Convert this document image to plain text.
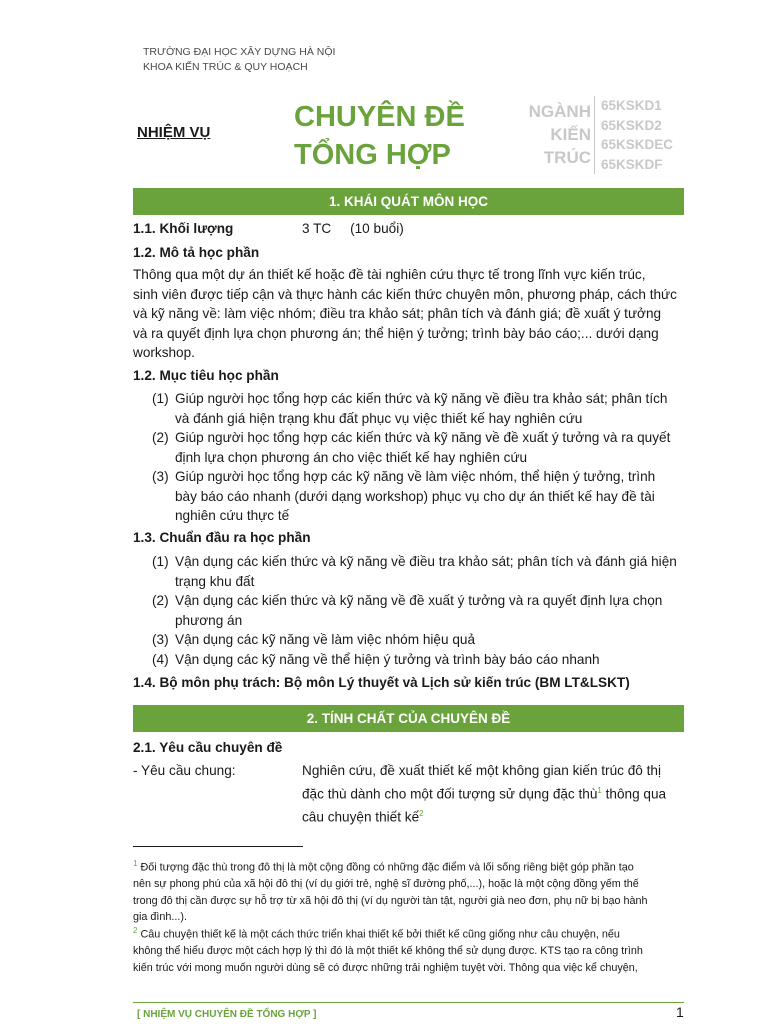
TRƯỜNG ĐẠI HỌC XÂY DỰNG HÀ NỘI
KHOA KIẾN TRÚC & QUY HOẠCH
NHIỆM VỤ	CHUYÊN ĐỀ
TỔNG HỢP
NGÀNH
KIẾN
TRÚC
65KSKD1
65KSKD2
65KSKDEC
65KSKDF
1. KHÁI QUÁT MÔN HỌC
1.1. Khối lượng	3 TC     (10 buổi)
1.2. Mô tả học phần
Thông qua một dự án thiết kế hoặc đề tài nghiên cứu thực tế trong lĩnh vực kiến trúc,
sinh viên được tiếp cận và thực hành các kiến thức chuyên môn, phương pháp, cách thức
và kỹ năng về: làm việc nhóm; điều tra khảo sát; phân tích và đánh giá; đề xuất ý tưởng
và ra quyết định lựa chọn phương án; thể hiện ý tưởng; trình bày báo cáo;... dưới dạng
workshop.
1.2. Mục tiêu học phần
(1) Giúp người học tổng hợp các kiến thức và kỹ năng về điều tra khảo sát; phân tích
và đánh giá hiện trạng khu đất phục vụ việc thiết kế hay nghiên cứu
(2) Giúp người học tổng hợp các kiến thức và kỹ năng về đề xuất ý tưởng và ra quyết
định lựa chọn phương án cho việc thiết kế hay nghiên cứu
(3) Giúp người học tổng hợp các kỹ năng về làm việc nhóm, thể hiện ý tưởng, trình
bày báo cáo nhanh (dưới dạng workshop) phục vụ cho dự án thiết kế hay đề tài
nghiên cứu thực tế
1.3. Chuẩn đầu ra học phần
(1) Vận dụng các kiến thức và kỹ năng về điều tra khảo sát; phân tích và đánh giá hiện
trạng khu đất
(2) Vận dụng các kiến thức và kỹ năng về đề xuất ý tưởng và ra quyết định lựa chọn
phương án
(3) Vận dụng các kỹ năng về làm việc nhóm hiệu quả
(4) Vận dụng các kỹ năng về thể hiện ý tưởng và trình bày báo cáo nhanh
1.4. Bộ môn phụ trách: Bộ môn Lý thuyết và Lịch sử kiến trúc (BM LT&LSKT)
2. TÍNH CHẤT CỦA CHUYÊN ĐỀ
2.1. Yêu cầu chuyên đề
- Yêu cầu chung:	Nghiên cứu, đề xuất thiết kế một không gian kiến trúc đô thị
đặc thù dành cho một đối tượng sử dụng đặc thù$^1$ thông qua
câu chuyện thiết kế$^2$
$^1$ Đối tượng đặc thù trong đô thị là một cộng đồng có những đặc điểm và lối sống riêng biệt góp phần tạo
nên sự phong phú của xã hội đô thị (ví dụ giới trẻ, nghệ sĩ đường phố,...), hoặc là một cộng đồng yếm thế
trong đô thị cần được sự hỗ trợ từ xã hội đô thị (ví dụ người tàn tật, người già neo đơn, phụ nữ bị bạo hành
gia đình...).
$^2$ Câu chuyện thiết kế là một cách thức triển khai thiết kế bởi thiết kế cũng giống như câu chuyện, nếu
không thể hiểu được một cách hợp lý thì đó là một thiết kế không thể sử dụng được. KTS tạo ra công trình
kiến trúc với mong muốn người dùng sẽ có được những trải nghiệm tuyệt vời. Thông qua việc kể chuyện,
[ NHIỆM VỤ CHUYÊN ĐỀ TỔNG HỢP ]	1
